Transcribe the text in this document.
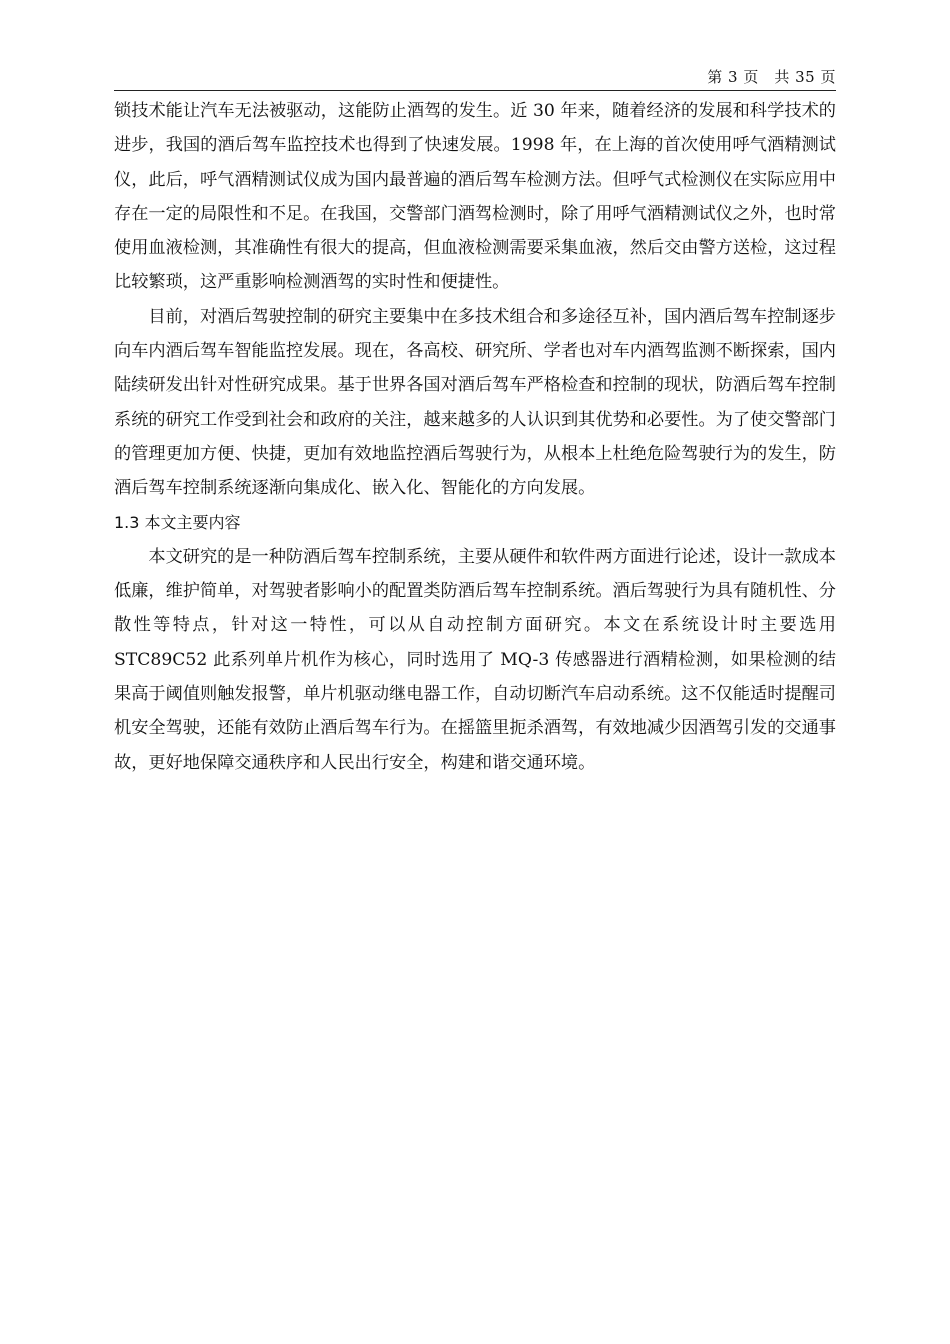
第 3 页　共 35 页

锁技术能让汽车无法被驱动，这能防止酒驾的发生。近 30 年来，随着经济的发展和科学技术的进步，我国的酒后驾车监控技术也得到了快速发展。1998 年，在上海的首次使用呼气酒精测试仪，此后，呼气酒精测试仪成为国内最普遍的酒后驾车检测方法。但呼气式检测仪在实际应用中存在一定的局限性和不足。在我国，交警部门酒驾检测时，除了用呼气酒精测试仪之外，也时常使用血液检测，其准确性有很大的提高，但血液检测需要采集血液，然后交由警方送检，这过程比较繁琐，这严重影响检测酒驾的实时性和便捷性。

目前，对酒后驾驶控制的研究主要集中在多技术组合和多途径互补，国内酒后驾车控制逐步向车内酒后驾车智能监控发展。现在，各高校、研究所、学者也对车内酒驾监测不断探索，国内陆续研发出针对性研究成果。基于世界各国对酒后驾车严格检查和控制的现状，防酒后驾车控制系统的研究工作受到社会和政府的关注，越来越多的人认识到其优势和必要性。为了使交警部门的管理更加方便、快捷，更加有效地监控酒后驾驶行为，从根本上杜绝危险驾驶行为的发生，防酒后驾车控制系统逐渐向集成化、嵌入化、智能化的方向发展。

1.3 本文主要内容

本文研究的是一种防酒后驾车控制系统，主要从硬件和软件两方面进行论述，设计一款成本低廉，维护简单，对驾驶者影响小的配置类防酒后驾车控制系统。酒后驾驶行为具有随机性、分散性等特点，针对这一特性，可以从自动控制方面研究。本文在系统设计时主要选用 STC89C52 此系列单片机作为核心，同时选用了 MQ-3 传感器进行酒精检测，如果检测的结果高于阈值则触发报警，单片机驱动继电器工作，自动切断汽车启动系统。这不仅能适时提醒司机安全驾驶，还能有效防止酒后驾车行为。在摇篮里扼杀酒驾，有效地减少因酒驾引发的交通事故，更好地保障交通秩序和人民出行安全，构建和谐交通环境。
